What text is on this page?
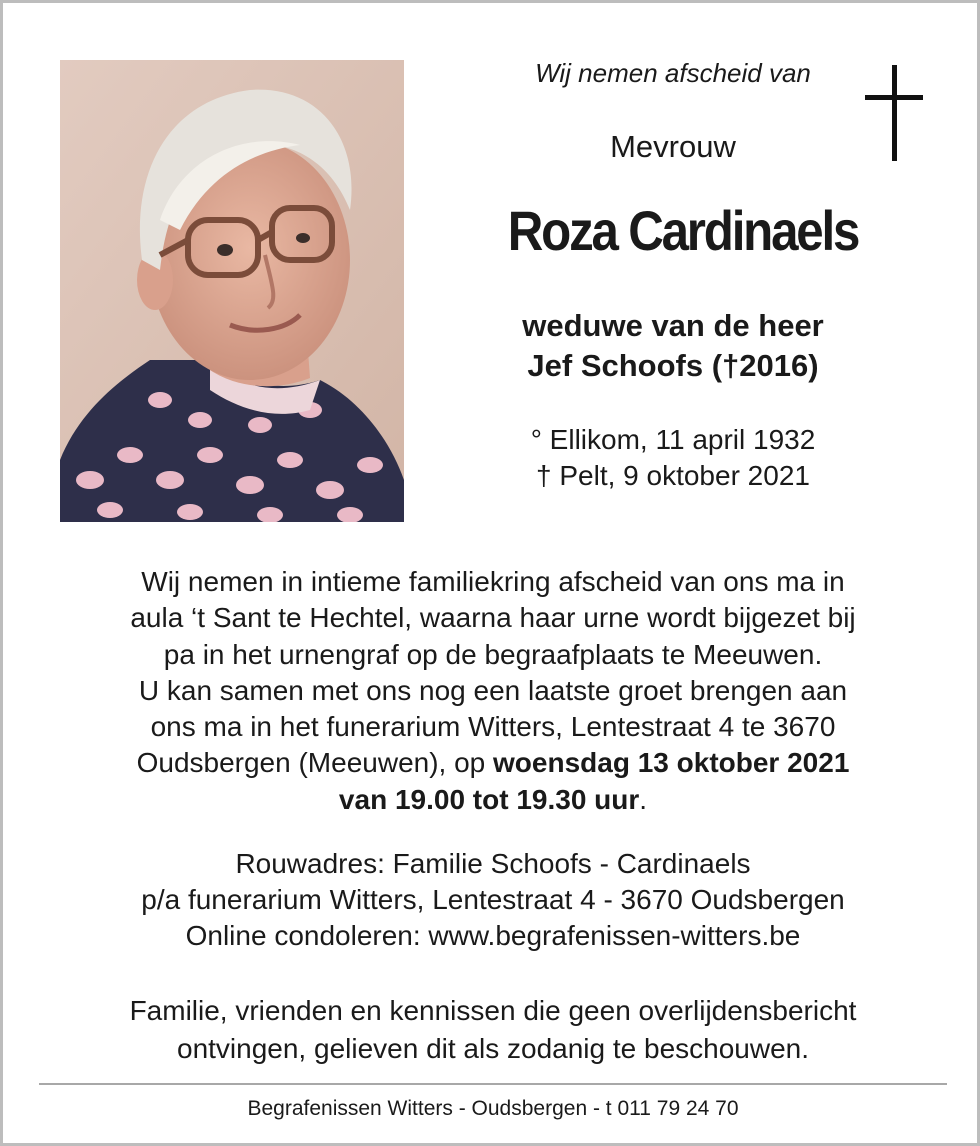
Wij nemen afscheid van
Mevrouw
Roza Cardinaels
weduwe van de heer
Jef Schoofs (†2016)
° Ellikom, 11 april 1932
† Pelt, 9 oktober 2021
Wij nemen in intieme familiekring afscheid van ons ma in
aula ‘t Sant te Hechtel, waarna haar urne wordt bijgezet bij
pa in het urnengraf op de begraafplaats te Meeuwen.
U kan samen met ons nog een laatste groet brengen aan
ons ma in het funerarium Witters, Lentestraat 4 te 3670
Oudsbergen (Meeuwen), op woensdag 13 oktober 2021
van 19.00 tot 19.30 uur.
Rouwadres: Familie Schoofs - Cardinaels
p/a funerarium Witters, Lentestraat 4 - 3670 Oudsbergen
Online condoleren: www.begrafenissen-witters.be
Familie, vrienden en kennissen die geen overlijdensbericht
ontvingen, gelieven dit als zodanig te beschouwen.
Begrafenissen Witters - Oudsbergen - t 011 79 24 70
